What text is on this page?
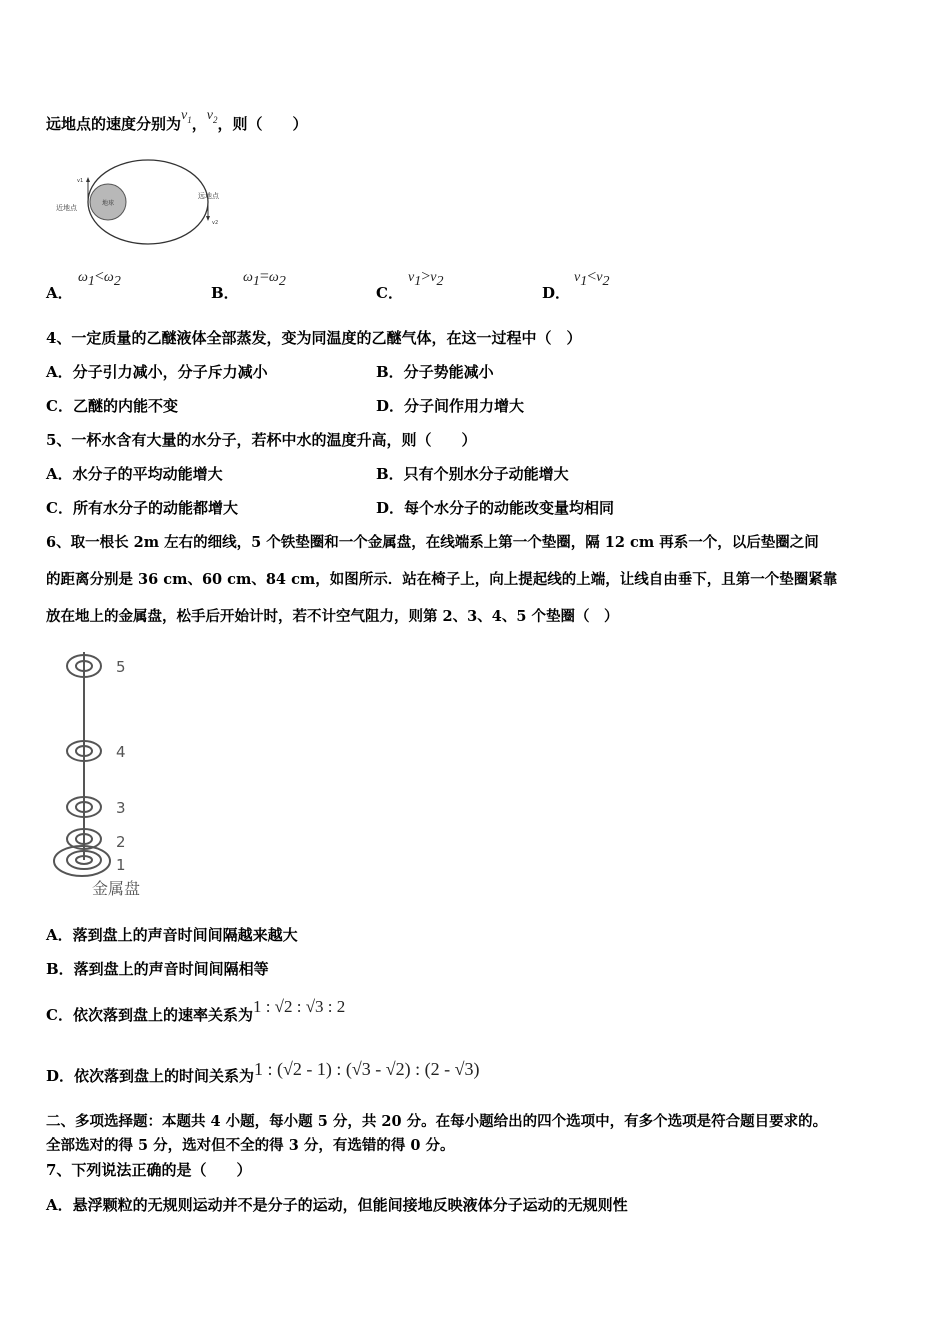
远地点的速度分别为$v_1$，$v_2$，则（　　）
地球
v1
近地点
v2
远地点
A．
$\omega_1<\omega_2$
B．
$\omega_1=\omega_2$
C．
$v_1>v_2$
D．
$v_1<v_2$
4、一定质量的乙醚液体全部蒸发，变为同温度的乙醚气体，在这一过程中（　）
A．分子引力减小，分子斥力减小	B．分子势能减小
C．乙醚的内能不变	D．分子间作用力增大
5、一杯水含有大量的水分子，若杯中水的温度升高，则（　　）
A．水分子的平均动能增大	B．只有个别水分子动能增大
C．所有水分子的动能都增大	D．每个水分子的动能改变量均相同
6、取一根长 2m 左右的细线，5 个铁垫圈和一个金属盘，在线端系上第一个垫圈，隔 12 cm 再系一个，以后垫圈之间
的距离分别是 36 cm、60 cm、84 cm，如图所示．站在椅子上，向上提起线的上端，让线自由垂下，且第一个垫圈紧靠
放在地上的金属盘，松手后开始计时，若不计空气阻力，则第 2、3、4、5 个垫圈（　）
5
4
3
2
1
金属盘
A．落到盘上的声音时间间隔越来越大
B．落到盘上的声音时间间隔相等
C．依次落到盘上的速率关系为1 : √2 : √3 : 2
D．依次落到盘上的时间关系为1 : (√2 - 1) : (√3 - √2) : (2 - √3)
二、多项选择题：本题共 4 小题，每小题 5 分，共 20 分。在每小题给出的四个选项中，有多个选项是符合题目要求的。
全部选对的得 5 分，选对但不全的得 3 分，有选错的得 0 分。
7、下列说法正确的是（　　）
A．悬浮颗粒的无规则运动并不是分子的运动，但能间接地反映液体分子运动的无规则性
